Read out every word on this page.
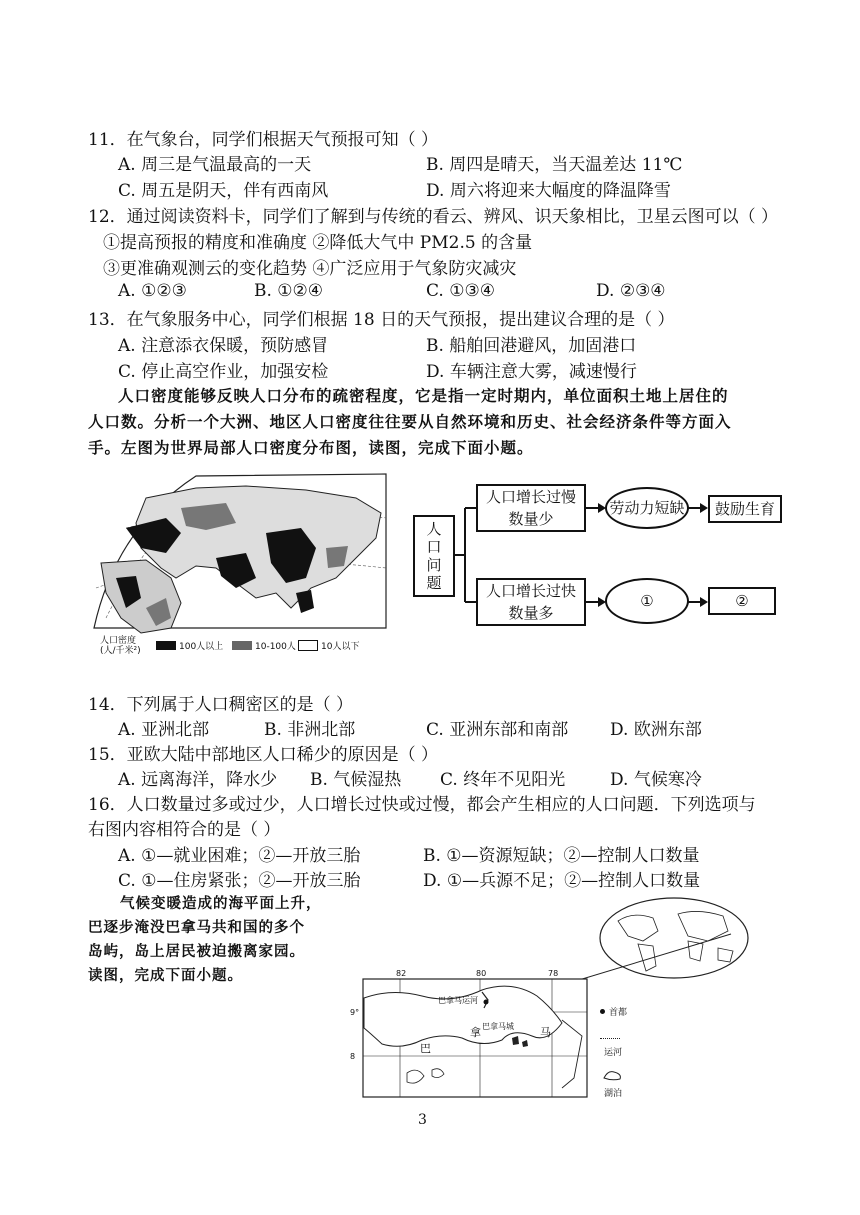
11．在气象台，同学们根据天气预报可知（ ）
A. 周三是气温最高的一天	B. 周四是晴天，当天温差达 11℃
C. 周五是阴天，伴有西南风	D. 周六将迎来大幅度的降温降雪
12．通过阅读资料卡，同学们了解到与传统的看云、辨风、识天象相比，卫星云图可以（ ）
①提高预报的精度和准确度 ②降低大气中 PM2.5 的含量
③更准确观测云的变化趋势 ④广泛应用于气象防灾减灾
A. ①②③	B. ①②④	C. ①③④	D. ②③④
13．在气象服务中心，同学们根据 18 日的天气预报，提出建议合理的是（ ）
A. 注意添衣保暖，预防感冒	B. 船舶回港避风，加固港口
C. 停止高空作业，加强安检	D. 车辆注意大雾，减速慢行
人口密度能够反映人口分布的疏密程度，它是指一定时期内，单位面积土地上居住的
人口数。分析一个大洲、地区人口密度往往要从自然环境和历史、社会经济条件等方面入
手。左图为世界局部人口密度分布图，读图，完成下面小题。
人口密度
(人/千米²)	100人以上	10-100人	10人以下
人口问题
人口增长过慢数量少
人口增长过快数量多
劳动力短缺
①
鼓励生育
②
14．下列属于人口稠密区的是（ ）
A. 亚洲北部	B. 非洲北部	C. 亚洲东部和南部 D. 欧洲东部
15．亚欧大陆中部地区人口稀少的原因是（ ）
A. 远离海洋，降水少 B. 气候湿热 C. 终年不见阳光	D. 气候寒冷
16．人口数量过多或过少，人口增长过快或过慢，都会产生相应的人口问题．下列选项与
右图内容相符合的是（ ）
A. ①—就业困难；②—开放三胎	B. ①—资源短缺；②—控制人口数量
C. ①—住房紧张；②—开放三胎	D. ①—兵源不足；②—控制人口数量
气候变暖造成的海平面上升，
巴逐步淹没巴拿马共和国的多个
岛屿，岛上居民被迫搬离家园。
读图，完成下面小题。	82	80	78
9°
8
巴拿马运河
巴拿马城
巴
拿	马
首都
运河
湖泊
3
